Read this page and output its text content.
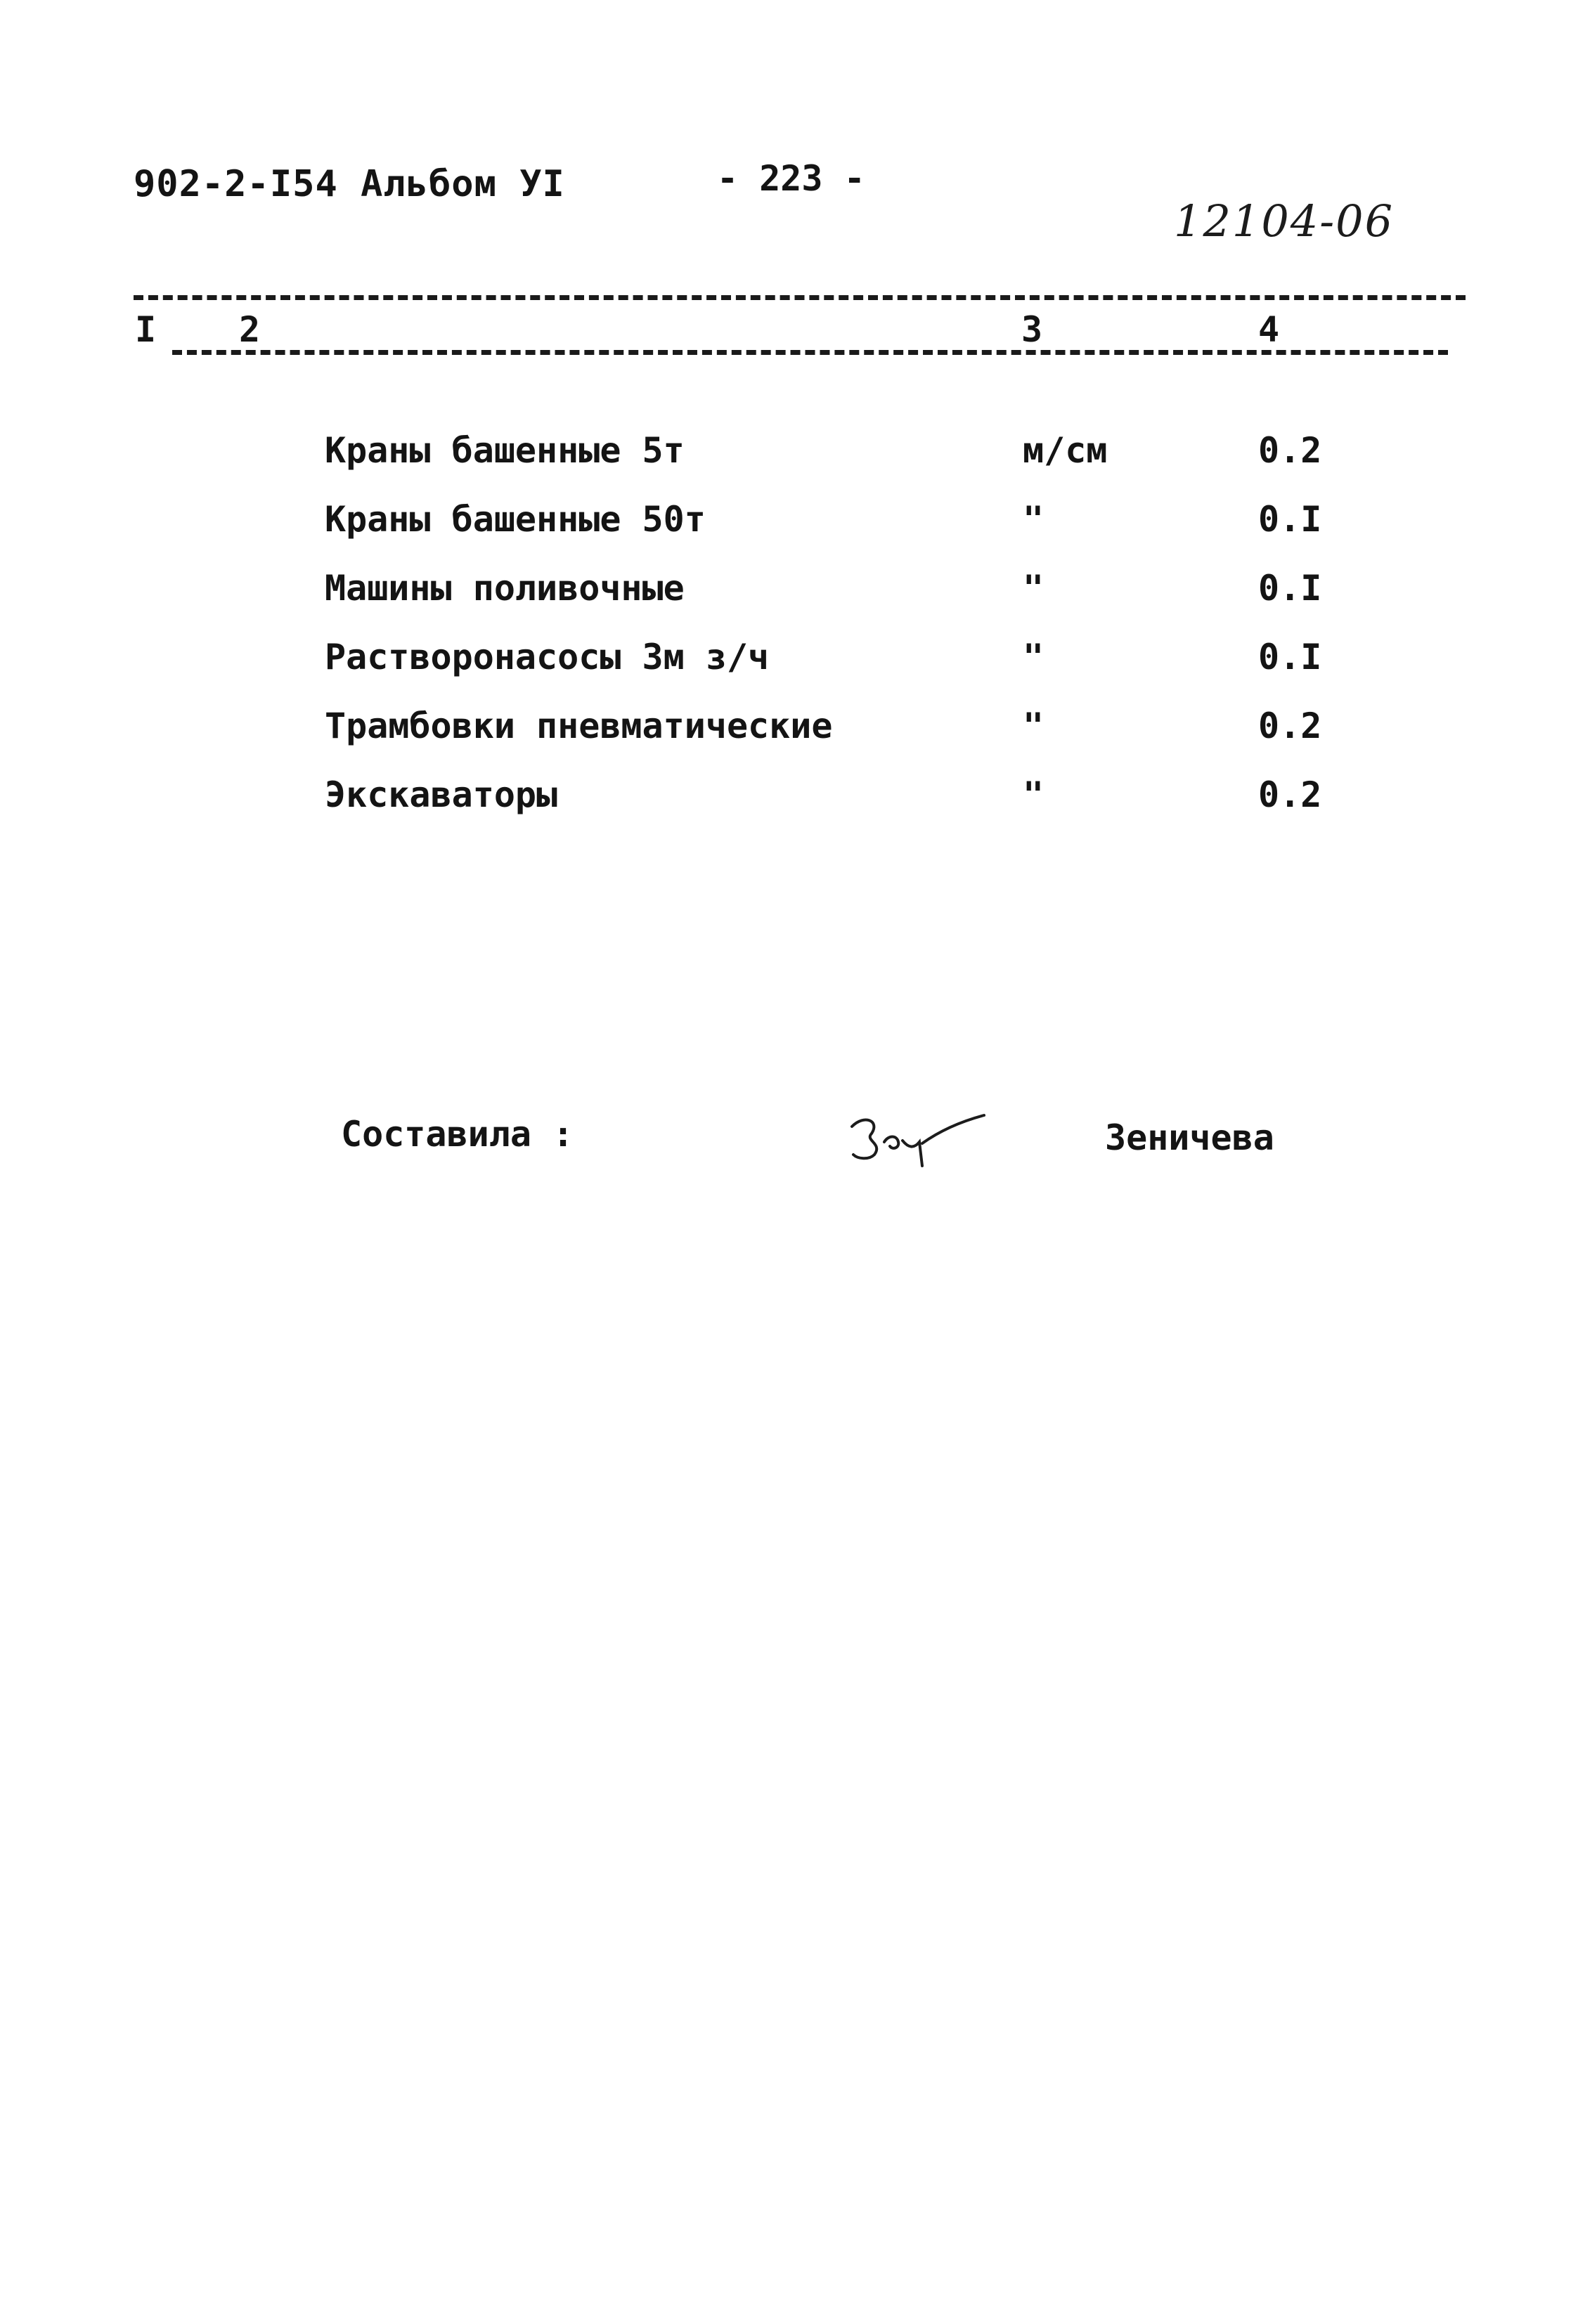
902-2-I54 Альбом УI	- 223 -
12104-06
I 2	3	4
Краны башенные 5т	м/см	0.2
Краны башенные 50т	"	0.I
Машины поливочные	"	0.I
Растворонасосы 3м з/ч	"	0.I
Трамбовки пневматические	"	0.2
Экскаваторы	"	0.2
Составила :	Зеничева
